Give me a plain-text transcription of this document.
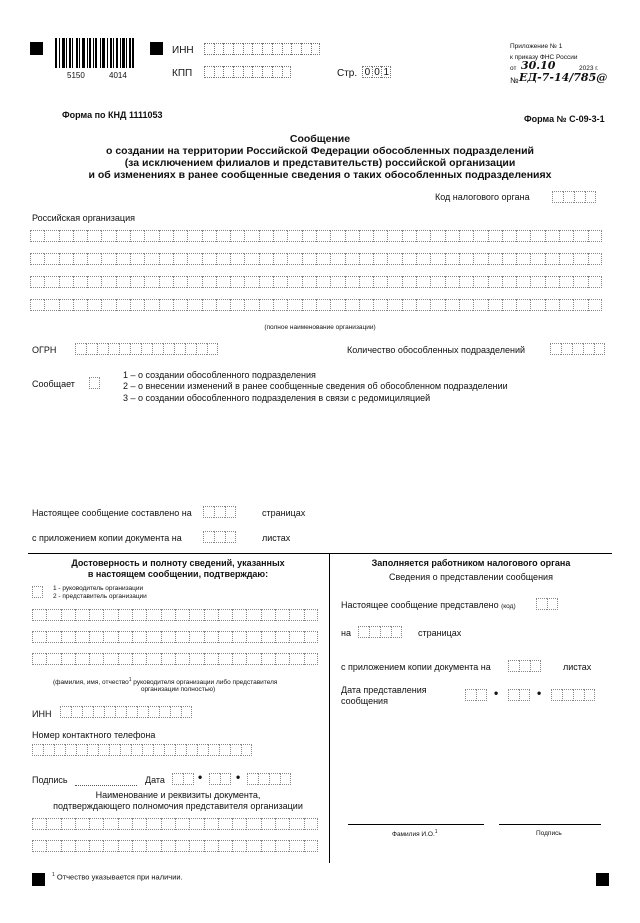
5150	4014
ИНН
КПП	Стр. 0 0 1
Приложение № 1
к приказу ФНС России
от 30.10	2023 г.
№ ЕД-7-14/785@
Форма по КНД 1111053	Форма № С-09-3-1
Сообщение
о создании на территории Российской Федерации обособленных подразделений
(за исключением филиалов и представительств) российской организации
и об изменениях в ранее сообщенные сведения о таких обособленных подразделениях
Код налогового органа
Российская организация
(полное наименование организации)
ОГРН	Количество обособленных подразделений
Сообщает
1 – о создании обособленного подразделения
2 – о внесении изменений в ранее сообщенные сведения об обособленном подразделении
3 – о создании обособленного подразделения в связи с редомициляцией
Настоящее сообщение составлено на	страницах
с приложением копии документа на	листах
Достоверность и полноту сведений, указанных
в настоящем сообщении, подтверждаю:
1 - руководитель организации
2 - представитель организации
(фамилия, имя, отчество$^1$ руководителя организации либо представителя
организации полностью)
ИНН
Номер контактного телефона
Подпись	Дата	•	•
Наименование и реквизиты документа,
подтверждающего полномочия представителя организации
Заполняется работником налогового органа
Сведения о представлении сообщения
Настоящее сообщение представлено (код)
на	страницах
с приложением копии документа на	листах
Дата представления
сообщения
•	•
Фамилия И.О.$^1$	Подпись
$^1$ Отчество указывается при наличии.
